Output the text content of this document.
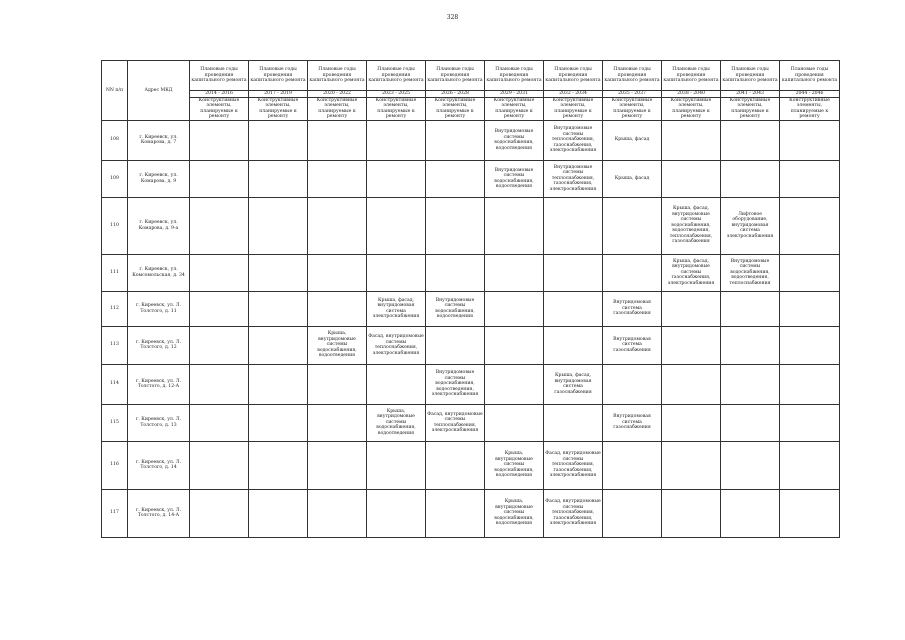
328
NN п/п	Адрес МКД	Плановые годы проведения капитального ремонта	Плановые годы проведения капитального ремонта	Плановые годы проведения капитального ремонта	Плановые годы проведения капитального ремонта	Плановые годы проведения капитального ремонта	Плановые годы проведения капитального ремонта	Плановые годы проведения капитального ремонта	Плановые годы проведения капитального ремонта	Плановые годы проведения капитального ремонта	Плановые годы проведения капитального ремонта	Плановые годы проведения капитального ремонта
		2014 - 2016	2017 - 2019	2020 - 2022	2023 - 2025	2026 - 2028	2029 - 2031	2032 - 2034	2035 - 2037	2038 - 2040	2041 - 2043	2044 - 2046
		Конструктивные элементы, планируемые к ремонту	Конструктивные элементы, планируемые к ремонту	Конструктивные элементы, планируемые к ремонту	Конструктивные элементы, планируемые к ремонту	Конструктивные элементы, планируемые к ремонту	Конструктивные элементы, планируемые к ремонту	Конструктивные элементы, планируемые к ремонту	Конструктивные элементы, планируемые к ремонту	Конструктивные элементы, планируемые к ремонту	Конструктивные элементы, планируемые к ремонту	Конструктивные элементы, планируемые к ремонту
108	г. Киреевск, ул. Комарова, д. 7						Внутридомовые системы водоснабжения, водоотведения	Внутридомовые системы теплоснабжения, газоснабжения, электроснабжения	Крыша, фасад			
109	г. Киреевск, ул. Комарова, д. 9						Внутридомовые системы водоснабжения, водоотведения	Внутридомовые системы теплоснабжения, газоснабжения, электроснабжения	Крыша, фасад			
110	г. Киреевск, ул. Комарова, д. 9-а									Крыша, фасад, внутридомовые системы водоснабжения, водоотведения, теплоснабжения, газоснабжения	Лифтовое оборудование, внутридомовая система электроснабжения	
111	г. Киреевск, ул. Комсомольская, д. 34									Крыша, фасад, внутридомовые системы газоснабжения, электроснабжения	Внутридомовые системы водоснабжения, водоотведения, теплоснабжения	
112	г. Киреевск, ул. Л. Толстого, д. 11				Крыша, фасад, внутридомовая система электроснабжения	Внутридомовые системы водоснабжения, водоотведения			Внутридомовая система газоснабжения			
113	г. Киреевск, ул. Л. Толстого, д. 12			Крыша, внутридомовые системы водоснабжения, водоотведения	Фасад, внутридомовые системы теплоснабжения, электроснабжения				Внутридомовая система газоснабжения			
114	г. Киреевск, ул. Л. Толстого, д. 12-А					Внутридомовые системы водоснабжения, водоотведения, электроснабжения		Крыша, фасад, внутридомовая система газоснабжения				
115	г. Киреевск, ул. Л. Толстого, д. 13				Крыша, внутридомовые системы водоснабжения, водоотведения	Фасад, внутридомовые системы теплоснабжения, электроснабжения			Внутридомовая система газоснабжения			
116	г. Киреевск, ул. Л. Толстого, д. 14						Крыша, внутридомовые системы водоснабжения, водоотведения	Фасад, внутридомовые системы теплоснабжения, газоснабжения, электроснабжения				
117	г. Киреевск, ул. Л. Толстого, д. 14-А						Крыша, внутридомовые системы водоснабжения, водоотведения	Фасад, внутридомовые системы теплоснабжения, газоснабжения, электроснабжения				
